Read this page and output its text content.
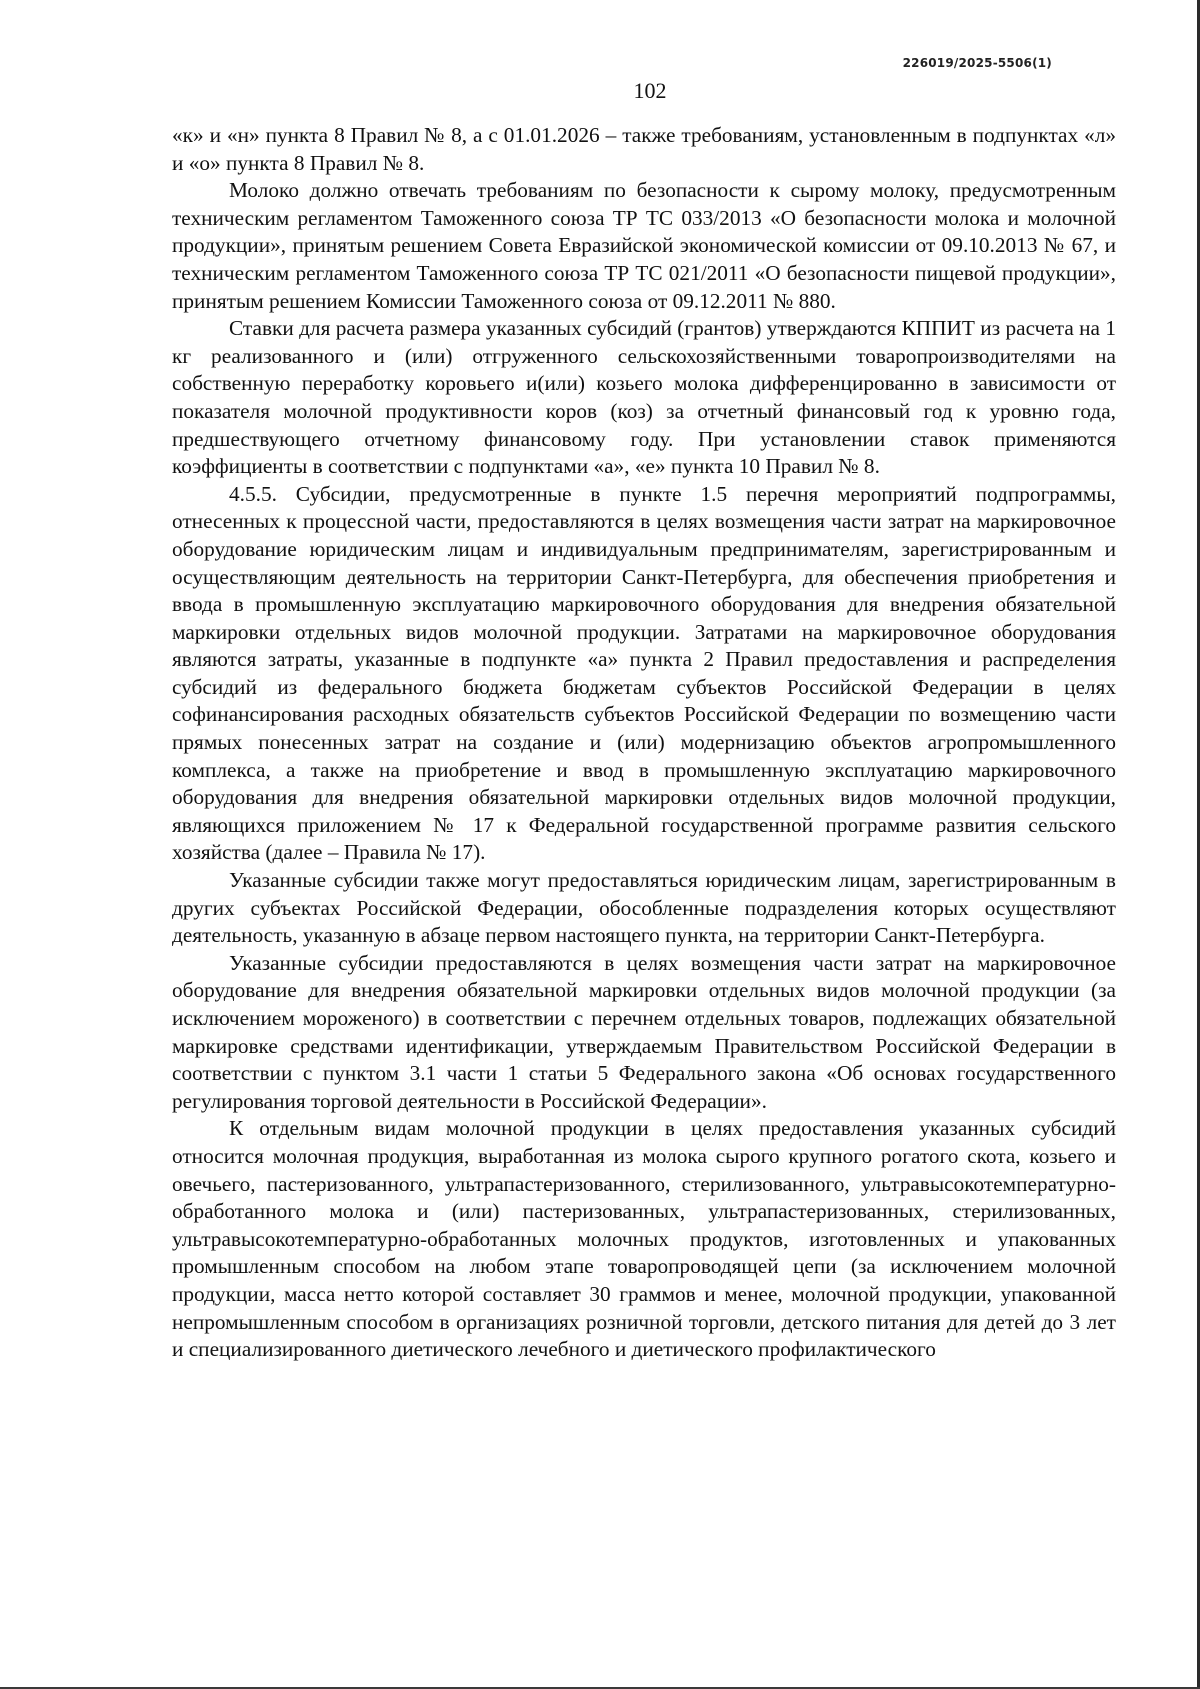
226019/2025-5506(1)
102

«к» и «н» пункта 8 Правил № 8, а с 01.01.2026 – также требованиям, установленным в подпунктах «л» и «о» пункта 8 Правил № 8.

Молоко должно отвечать требованиям по безопасности к сырому молоку, предусмотренным техническим регламентом Таможенного союза ТР ТС 033/2013 «О безопасности молока и молочной продукции», принятым решением Совета Евразийской экономической комиссии от 09.10.2013 № 67, и техническим регламентом Таможенного союза ТР ТС 021/2011 «О безопасности пищевой продукции», принятым решением Комиссии Таможенного союза от 09.12.2011 № 880.

Ставки для расчета размера указанных субсидий (грантов) утверждаются КППИТ из расчета на 1 кг реализованного и (или) отгруженного сельскохозяйственными товаропроизводителями на собственную переработку коровьего и(или) козьего молока дифференцированно в зависимости от показателя молочной продуктивности коров (коз) за отчетный финансовый год к уровню года, предшествующего отчетному финансовому году. При установлении ставок применяются коэффициенты в соответствии с подпунктами «а», «е» пункта 10 Правил № 8.

4.5.5. Субсидии, предусмотренные в пункте 1.5 перечня мероприятий подпрограммы, отнесенных к процессной части, предоставляются в целях возмещения части затрат на маркировочное оборудование юридическим лицам и индивидуальным предпринимателям, зарегистрированным и осуществляющим деятельность на территории Санкт-Петербурга, для обеспечения приобретения и ввода в промышленную эксплуатацию маркировочного оборудования для внедрения обязательной маркировки отдельных видов молочной продукции. Затратами на маркировочное оборудования являются затраты, указанные в подпункте «а» пункта 2 Правил предоставления и распределения субсидий из федерального бюджета бюджетам субъектов Российской Федерации в целях софинансирования расходных обязательств субъектов Российской Федерации по возмещению части прямых понесенных затрат на создание и (или) модернизацию объектов агропромышленного комплекса, а также на приобретение и ввод в промышленную эксплуатацию маркировочного оборудования для внедрения обязательной маркировки отдельных видов молочной продукции, являющихся приложением № 17 к Федеральной государственной программе развития сельского хозяйства (далее – Правила № 17).

Указанные субсидии также могут предоставляться юридическим лицам, зарегистрированным в других субъектах Российской Федерации, обособленные подразделения которых осуществляют деятельность, указанную в абзаце первом настоящего пункта, на территории Санкт-Петербурга.

Указанные субсидии предоставляются в целях возмещения части затрат на маркировочное оборудование для внедрения обязательной маркировки отдельных видов молочной продукции (за исключением мороженого) в соответствии с перечнем отдельных товаров, подлежащих обязательной маркировке средствами идентификации, утверждаемым Правительством Российской Федерации в соответствии с пунктом 3.1 части 1 статьи 5 Федерального закона «Об основах государственного регулирования торговой деятельности в Российской Федерации».

К отдельным видам молочной продукции в целях предоставления указанных субсидий относится молочная продукция, выработанная из молока сырого крупного рогатого скота, козьего и овечьего, пастеризованного, ультрапастеризованного, стерилизованного, ультравысокотемпературно-обработанного молока и (или) пастеризованных, ультрапастеризованных, стерилизованных, ультравысокотемпературно-обработанных молочных продуктов, изготовленных и упакованных промышленным способом на любом этапе товаропроводящей цепи (за исключением молочной продукции, масса нетто которой составляет 30 граммов и менее, молочной продукции, упакованной непромышленным способом в организациях розничной торговли, детского питания для детей до 3 лет и специализированного диетического лечебного и диетического профилактического
